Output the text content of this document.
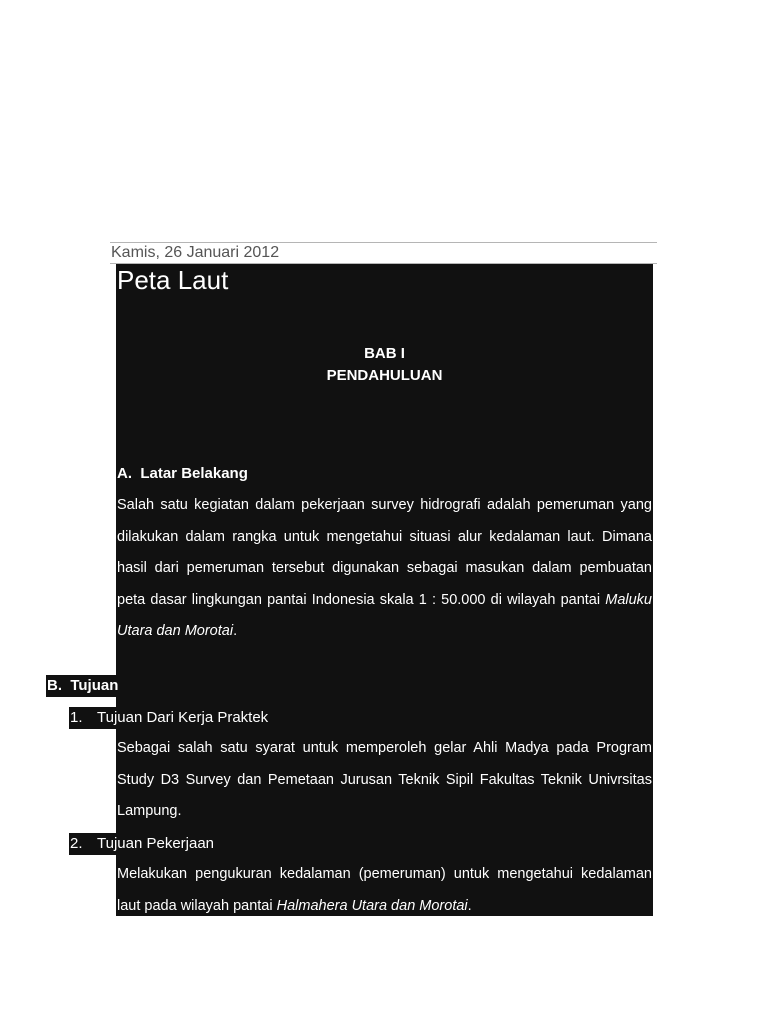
Kamis, 26 Januari 2012
Peta Laut
BAB I
PENDAHULUAN
A. Latar Belakang
Salah satu kegiatan dalam pekerjaan survey hidrografi adalah pemeruman yang dilakukan dalam rangka untuk mengetahui situasi alur kedalaman laut. Dimana hasil dari pemeruman tersebut digunakan sebagai masukan dalam pembuatan peta dasar lingkungan pantai Indonesia skala 1 : 50.000 di wilayah pantai Maluku Utara dan Morotai.
B. Tujuan
1. Tujuan Dari Kerja Praktek
Sebagai salah satu syarat untuk memperoleh gelar Ahli Madya pada Program Study D3 Survey dan Pemetaan Jurusan Teknik Sipil Fakultas Teknik Univrsitas Lampung.
2. Tujuan Pekerjaan
Melakukan pengukuran kedalaman (pemeruman) untuk mengetahui kedalaman laut pada wilayah pantai Halmahera Utara dan Morotai.
